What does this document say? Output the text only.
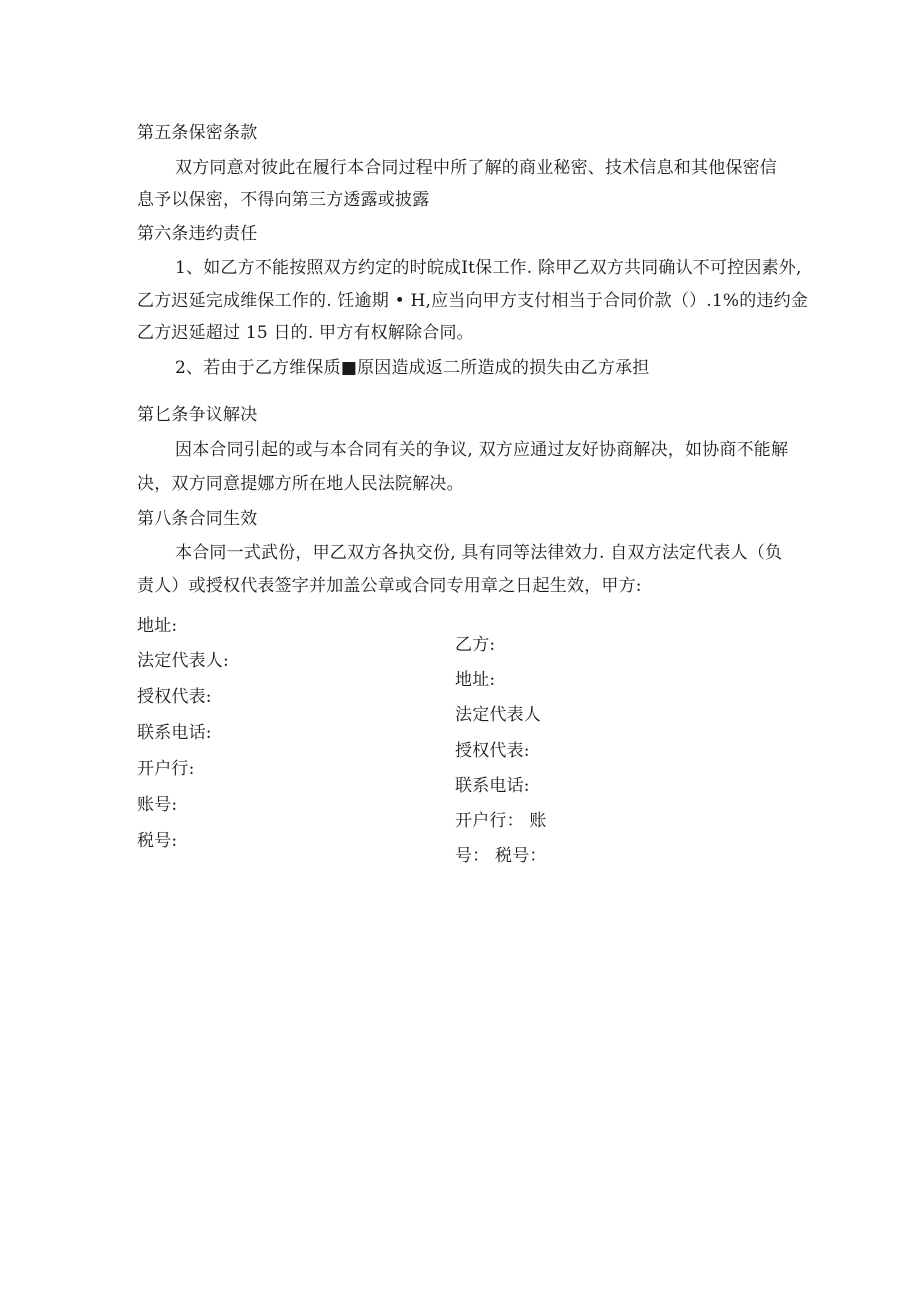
第五条保密条款
双方同意对彼此在履行本合同过程中所了解的商业秘密、技术信息和其他保密信
息予以保密，不得向第三方透露或披露
第六条违约责任
1、如乙方不能按照双方约定的时皖成It保工作. 除甲乙双方共同确认不可控因素外,
乙方迟延完成维保工作的. 饪逾期 • H,应当向甲方支付相当于合同价款（）.1%的违约金
乙方迟延超过 15 日的. 甲方有权解除合同。
2、若由于乙方维保质■原因造成返二所造成的损失由乙方承担
第匕条争议解决
因本合同引起的或与本合同有关的争议, 双方应通过友好协商解决，如协商不能解
决，双方同意提娜方所在地人民法院解决。
第八条合同生效
本合同一式武份，甲乙双方各执交份, 具有同等法律效力. 自双方法定代表人（负
责人）或授权代表签字并加盖公章或合同专用章之日起生效，甲方:
地址:
法定代表人:
授权代表:
联系电话:
开户行:
账号:
税号:
乙方:
地址:
法定代表人
授权代表:
联系电话:
开户行： 账
号： 税号：
